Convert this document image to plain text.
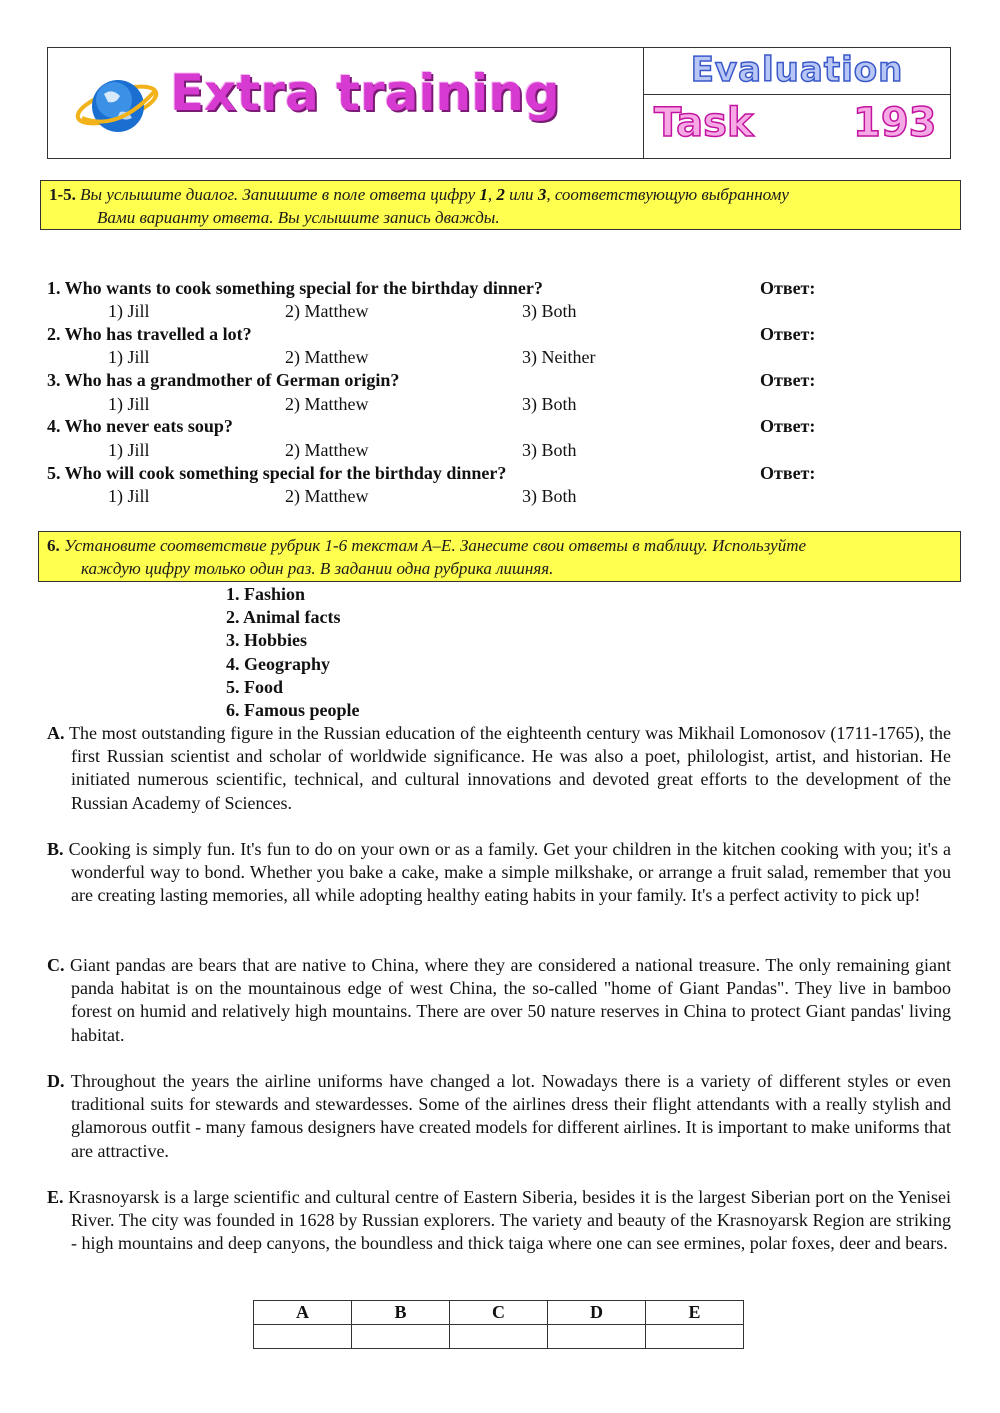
Extra training	Evaluation
Task 193
1-5. Вы услышите диалог. Запишите в поле ответа цифру 1, 2 или 3, соответствующую выбранному
Вами варианту ответа. Вы услышите запись дважды.
1. Who wants to cook something special for the birthday dinner?	Ответ:
1) Jill	2) Matthew	3) Both
2. Who has travelled a lot?	Ответ:
1) Jill	2) Matthew	3) Neither
3. Who has a grandmother of German origin?	Ответ:
1) Jill	2) Matthew	3) Both
4. Who never eats soup?	Ответ:
1) Jill	2) Matthew	3) Both
5. Who will cook something special for the birthday dinner?	Ответ:
1) Jill	2) Matthew	3) Both
6. Установите соответствие рубрик 1-6 текстам А–Е. Занесите свои ответы в таблицу. Используйте
каждую цифру только один раз. В задании одна рубрика лишняя.
1. Fashion
2. Animal facts
3. Hobbies
4. Geography
5. Food
6. Famous people
A. The most outstanding figure in the Russian education of the eighteenth century was Mikhail Lomonosov (1711-1765), the first Russian scientist and scholar of worldwide significance. He was also a poet, philologist, artist, and historian. He initiated numerous scientific, technical, and cultural innovations and devoted great efforts to the development of the Russian Academy of Sciences.
B. Cooking is simply fun. It's fun to do on your own or as a family. Get your children in the kitchen cooking with you; it's a wonderful way to bond. Whether you bake a cake, make a simple milkshake, or arrange a fruit salad, remember that you are creating lasting memories, all while adopting healthy eating habits in your family. It's a perfect activity to pick up!
C. Giant pandas are bears that are native to China, where they are considered a national treasure. The only remaining giant panda habitat is on the mountainous edge of west China, the so-called "home of Giant Pandas". They live in bamboo forest on humid and relatively high mountains. There are over 50 nature reserves in China to protect Giant pandas' living habitat.
D. Throughout the years the airline uniforms have changed a lot. Nowadays there is a variety of different styles or even traditional suits for stewards and stewardesses. Some of the airlines dress their flight attendants with a really stylish and glamorous outfit - many famous designers have created models for different airlines. It is important to make uniforms that are attractive.
E. Krasnoyarsk is a large scientific and cultural centre of Eastern Siberia, besides it is the largest Siberian port on the Yenisei River. The city was founded in 1628 by Russian explorers. The variety and beauty of the Krasnoyarsk Region are striking - high mountains and deep canyons, the boundless and thick taiga where one can see ermines, polar foxes, deer and bears.
A	B	C	D	E
